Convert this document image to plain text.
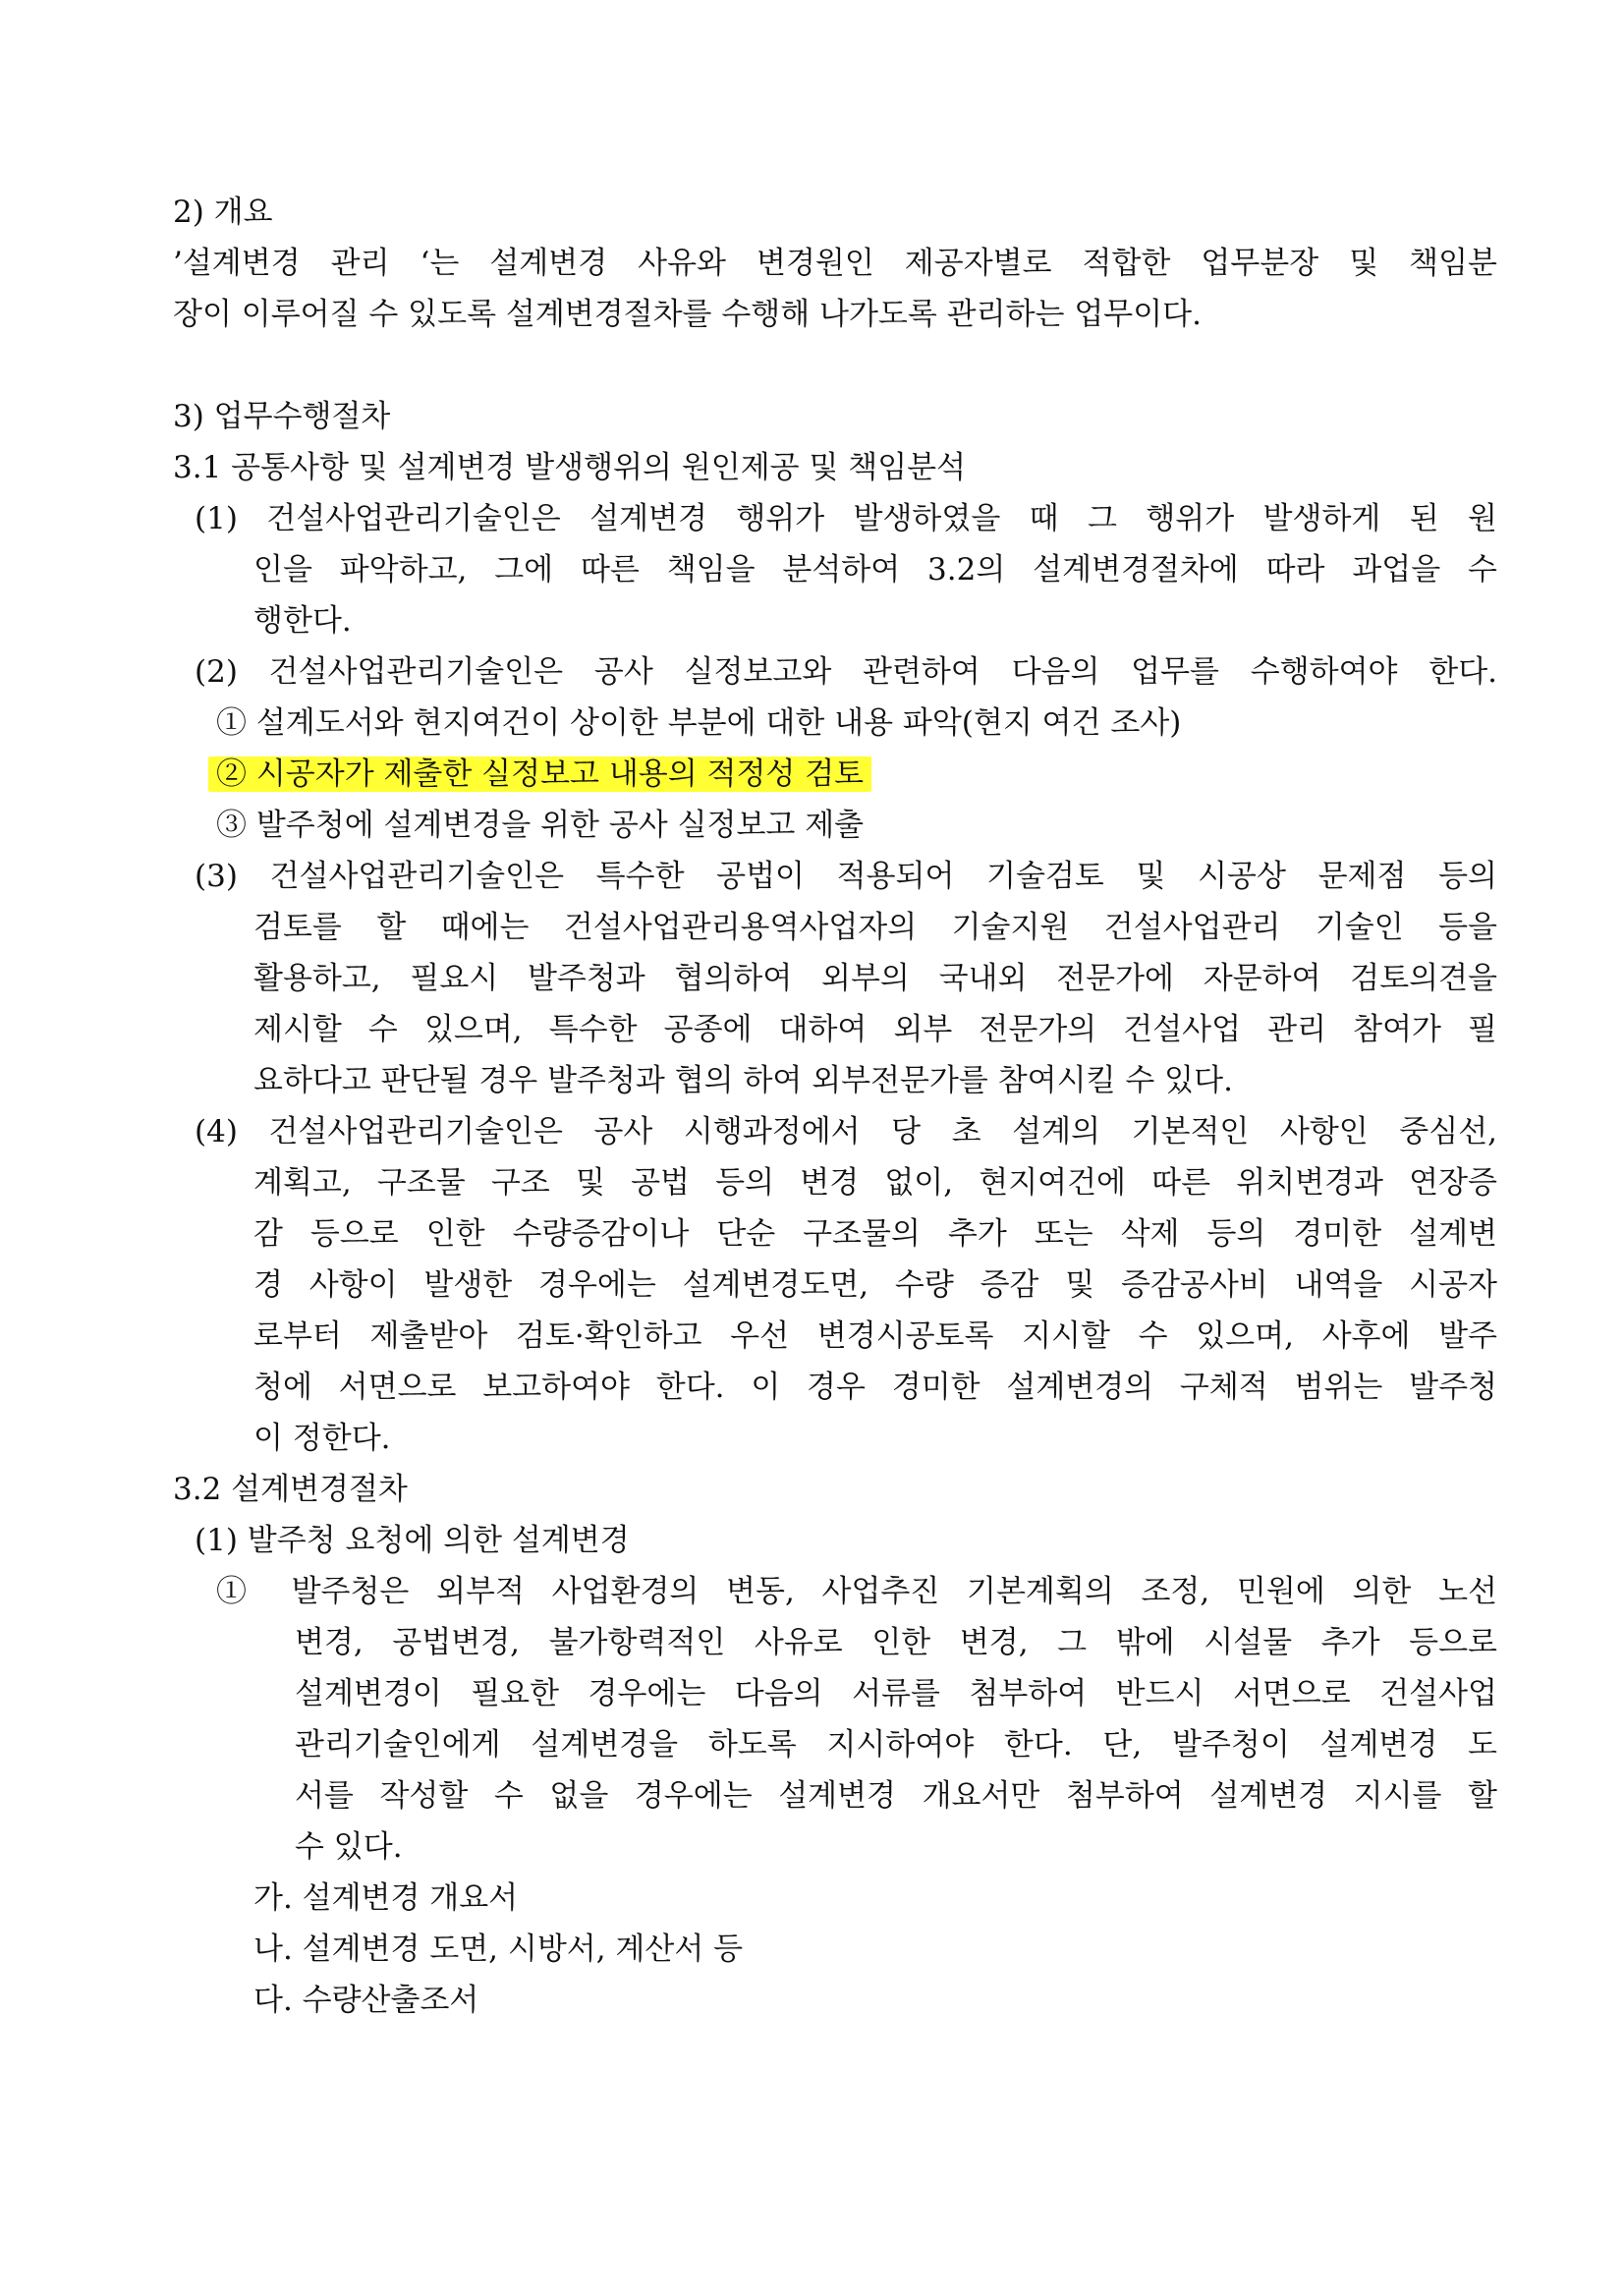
2) 개요
’설계변경 관리 ‘는 설계변경 사유와 변경원인 제공자별로 적합한 업무분장 및 책임분
장이 이루어질 수 있도록 설계변경절차를 수행해 나가도록 관리하는 업무이다.
3) 업무수행절차
3.1 공통사항 및 설계변경 발생행위의 원인제공 및 책임분석
(1) 건설사업관리기술인은 설계변경 행위가 발생하였을 때 그 행위가 발생하게 된 원
인을 파악하고, 그에 따른 책임을 분석하여 3.2의 설계변경절차에 따라 과업을 수
행한다.
(2) 건설사업관리기술인은 공사 실정보고와 관련하여 다음의 업무를 수행하여야 한다.
① 설계도서와 현지여건이 상이한 부분에 대한 내용 파악(현지 여건 조사)
② 시공자가 제출한 실정보고 내용의 적정성 검토
③ 발주청에 설계변경을 위한 공사 실정보고 제출
(3) 건설사업관리기술인은 특수한 공법이 적용되어 기술검토 및 시공상 문제점 등의
검토를 할 때에는 건설사업관리용역사업자의 기술지원 건설사업관리 기술인 등을
활용하고, 필요시 발주청과 협의하여 외부의 국내외 전문가에 자문하여 검토의견을
제시할 수 있으며, 특수한 공종에 대하여 외부 전문가의 건설사업 관리 참여가 필
요하다고 판단될 경우 발주청과 협의 하여 외부전문가를 참여시킬 수 있다.
(4) 건설사업관리기술인은 공사 시행과정에서 당 초 설계의 기본적인 사항인 중심선,
계획고, 구조물 구조 및 공법 등의 변경 없이, 현지여건에 따른 위치변경과 연장증
감 등으로 인한 수량증감이나 단순 구조물의 추가 또는 삭제 등의 경미한 설계변
경 사항이 발생한 경우에는 설계변경도면, 수량 증감 및 증감공사비 내역을 시공자
로부터 제출받아 검토·확인하고 우선 변경시공토록 지시할 수 있으며, 사후에 발주
청에 서면으로 보고하여야 한다. 이 경우 경미한 설계변경의 구체적 범위는 발주청
이 정한다.
3.2 설계변경절차
(1) 발주청 요청에 의한 설계변경
① 발주청은 외부적 사업환경의 변동, 사업추진 기본계획의 조정, 민원에 의한 노선
변경, 공법변경, 불가항력적인 사유로 인한 변경, 그 밖에 시설물 추가 등으로
설계변경이 필요한 경우에는 다음의 서류를 첨부하여 반드시 서면으로 건설사업
관리기술인에게 설계변경을 하도록 지시하여야 한다. 단, 발주청이 설계변경 도
서를 작성할 수 없을 경우에는 설계변경 개요서만 첨부하여 설계변경 지시를 할
수 있다.
가. 설계변경 개요서
나. 설계변경 도면, 시방서, 계산서 등
다. 수량산출조서
